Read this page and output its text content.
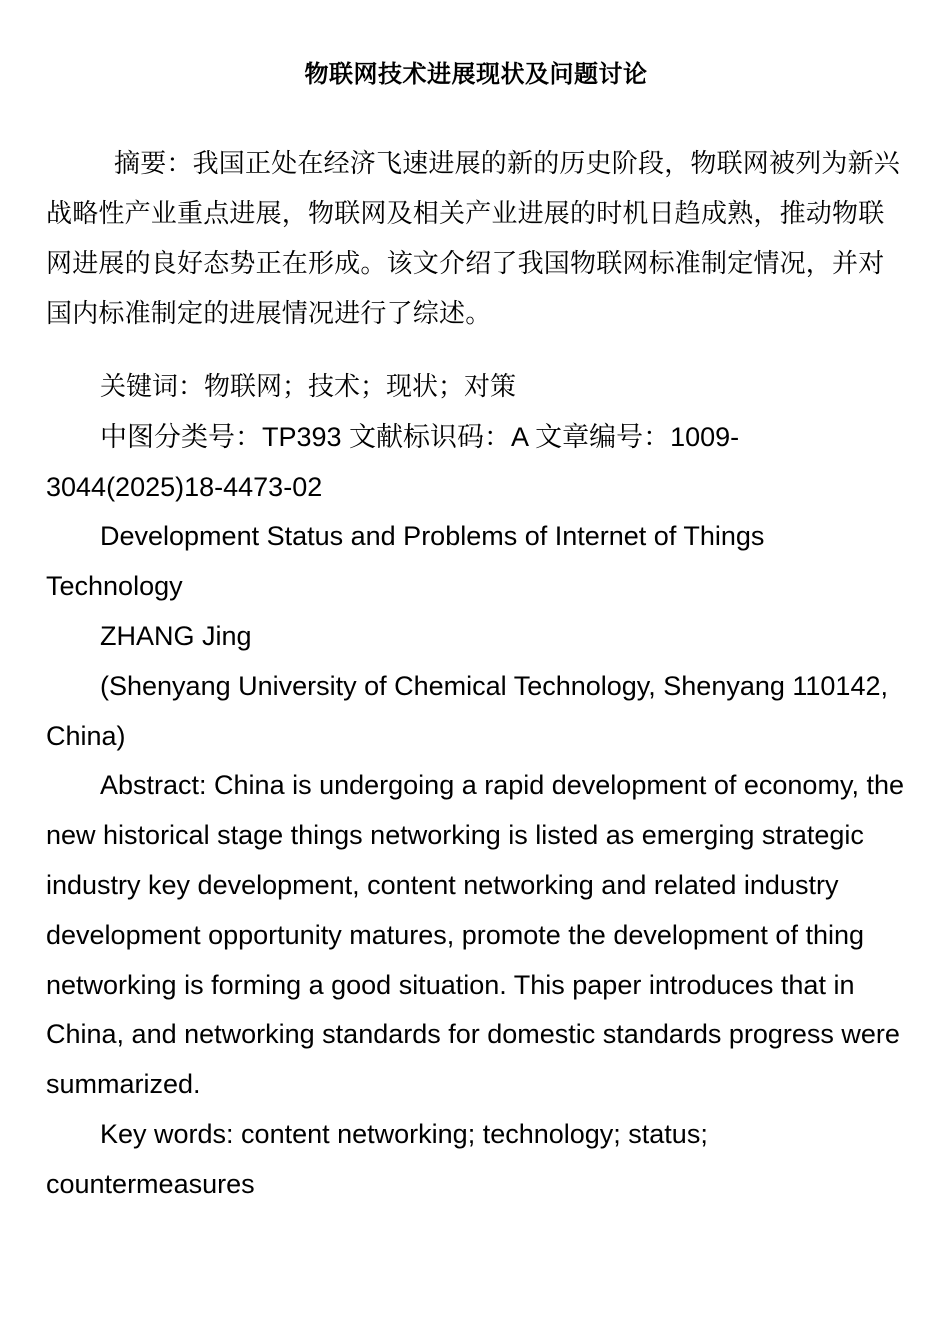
物联网技术进展现状及问题讨论

摘要：我国正处在经济飞速进展的新的历史阶段，物联网被列为新兴战略性产业重点进展，物联网及相关产业进展的时机日趋成熟，推动物联网进展的良好态势正在形成。该文介绍了我国物联网标准制定情况，并对国内标准制定的进展情况进行了综述。

关键词：物联网；技术；现状；对策

中图分类号：TP393 文献标识码：A 文章编号：1009-3044(2025)18-4473-02

Development Status and Problems of Internet of Things Technology

ZHANG Jing

(Shenyang University of Chemical Technology, Shenyang 110142, China)

Abstract: China is undergoing a rapid development of economy, the new historical stage things networking is listed as emerging strategic industry key development, content networking and related industry development opportunity matures, promote the development of thing networking is forming a good situation. This paper introduces that in China, and networking standards for domestic standards progress were summarized.

Key words: content networking; technology; status; countermeasures
